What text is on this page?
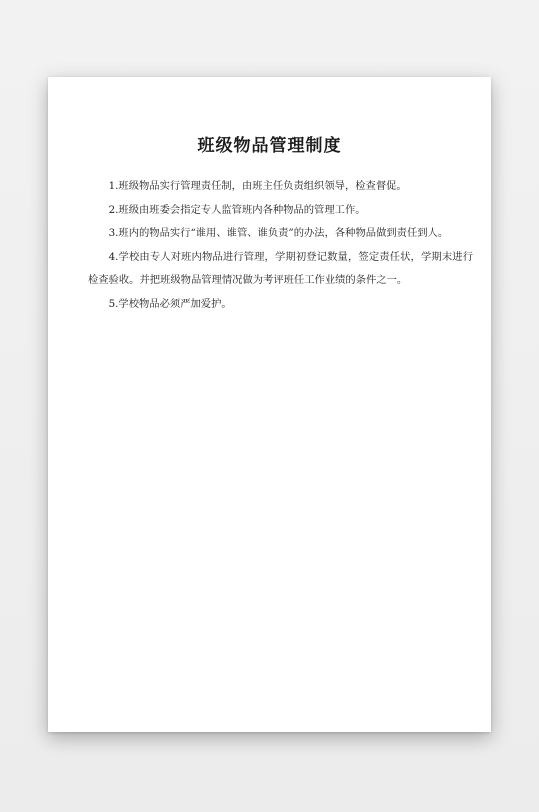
班级物品管理制度

1.班级物品实行管理责任制，由班主任负责组织领导，检查督促。

2.班级由班委会指定专人监管班内各种物品的管理工作。

3.班内的物品实行“谁用、谁管、谁负责”的办法，各种物品做到责任到人。

4.学校由专人对班内物品进行管理，学期初登记数量，签定责任状，学期末进行检查验收。并把班级物品管理情况做为考评班任工作业绩的条件之一。

5.学校物品必须严加爱护。
